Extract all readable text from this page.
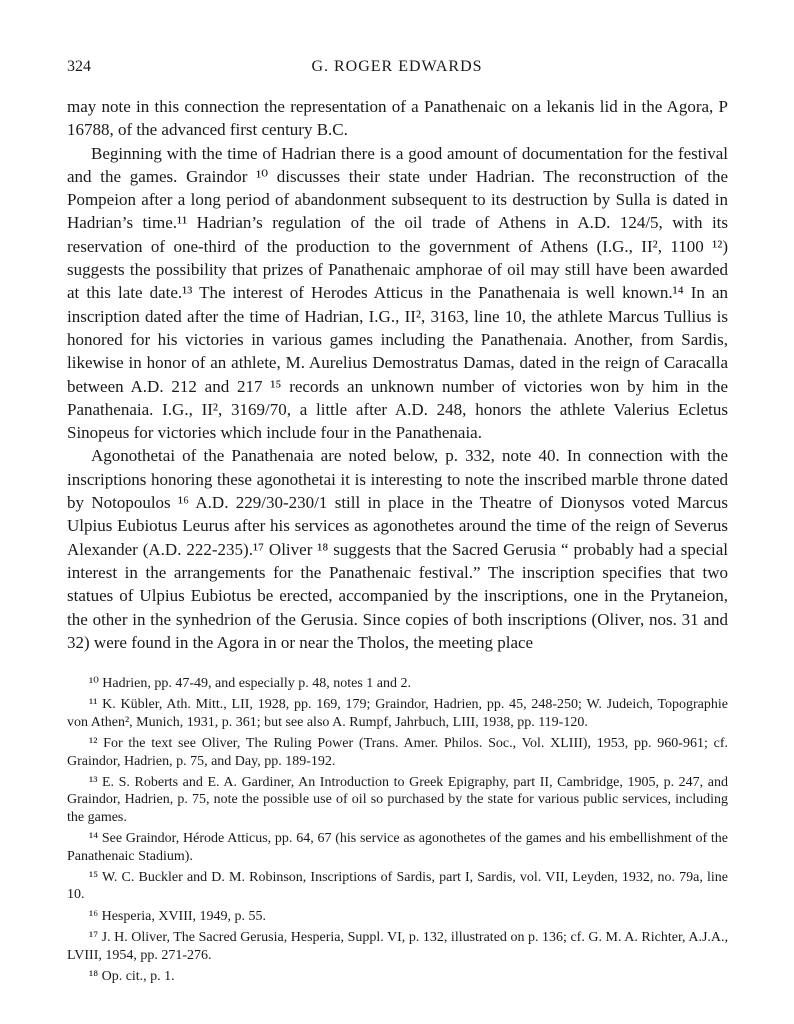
324	G. ROGER EDWARDS

may note in this connection the representation of a Panathenaic on a lekanis lid in the Agora, P 16788, of the advanced first century B.C.

Beginning with the time of Hadrian there is a good amount of documentation for the festival and the games. Graindor ¹⁰ discusses their state under Hadrian. The reconstruction of the Pompeion after a long period of abandonment subsequent to its destruction by Sulla is dated in Hadrian’s time.¹¹ Hadrian’s regulation of the oil trade of Athens in A.D. 124/5, with its reservation of one-third of the production to the government of Athens (I.G., II², 1100 ¹²) suggests the possibility that prizes of Panathenaic amphorae of oil may still have been awarded at this late date.¹³ The interest of Herodes Atticus in the Panathenaia is well known.¹⁴ In an inscription dated after the time of Hadrian, I.G., II², 3163, line 10, the athlete Marcus Tullius is honored for his victories in various games including the Panathenaia. Another, from Sardis, likewise in honor of an athlete, M. Aurelius Demostratus Damas, dated in the reign of Caracalla between A.D. 212 and 217 ¹⁵ records an unknown number of victories won by him in the Panathenaia. I.G., II², 3169/70, a little after A.D. 248, honors the athlete Valerius Ecletus Sinopeus for victories which include four in the Panathenaia.

Agonothetai of the Panathenaia are noted below, p. 332, note 40. In connection with the inscriptions honoring these agonothetai it is interesting to note the inscribed marble throne dated by Notopoulos ¹⁶ A.D. 229/30-230/1 still in place in the Theatre of Dionysos voted Marcus Ulpius Eubiotus Leurus after his services as agonothetes around the time of the reign of Severus Alexander (A.D. 222-235).¹⁷ Oliver ¹⁸ suggests that the Sacred Gerusia “ probably had a special interest in the arrangements for the Panathenaic festival.” The inscription specifies that two statues of Ulpius Eubiotus be erected, accompanied by the inscriptions, one in the Prytaneion, the other in the synhedrion of the Gerusia. Since copies of both inscriptions (Oliver, nos. 31 and 32) were found in the Agora in or near the Tholos, the meeting place

¹⁰ Hadrien, pp. 47-49, and especially p. 48, notes 1 and 2.

¹¹ K. Kübler, Ath. Mitt., LII, 1928, pp. 169, 179; Graindor, Hadrien, pp. 45, 248-250; W. Judeich, Topographie von Athen², Munich, 1931, p. 361; but see also A. Rumpf, Jahrbuch, LIII, 1938, pp. 119-120.

¹² For the text see Oliver, The Ruling Power (Trans. Amer. Philos. Soc., Vol. XLIII), 1953, pp. 960-961; cf. Graindor, Hadrien, p. 75, and Day, pp. 189-192.

¹³ E. S. Roberts and E. A. Gardiner, An Introduction to Greek Epigraphy, part II, Cambridge, 1905, p. 247, and Graindor, Hadrien, p. 75, note the possible use of oil so purchased by the state for various public services, including the games.

¹⁴ See Graindor, Hérode Atticus, pp. 64, 67 (his service as agonothetes of the games and his embellishment of the Panathenaic Stadium).

¹⁵ W. C. Buckler and D. M. Robinson, Inscriptions of Sardis, part I, Sardis, vol. VII, Leyden, 1932, no. 79a, line 10.

¹⁶ Hesperia, XVIII, 1949, p. 55.

¹⁷ J. H. Oliver, The Sacred Gerusia, Hesperia, Suppl. VI, p. 132, illustrated on p. 136; cf. G. M. A. Richter, A.J.A., LVIII, 1954, pp. 271-276.

¹⁸ Op. cit., p. 1.
